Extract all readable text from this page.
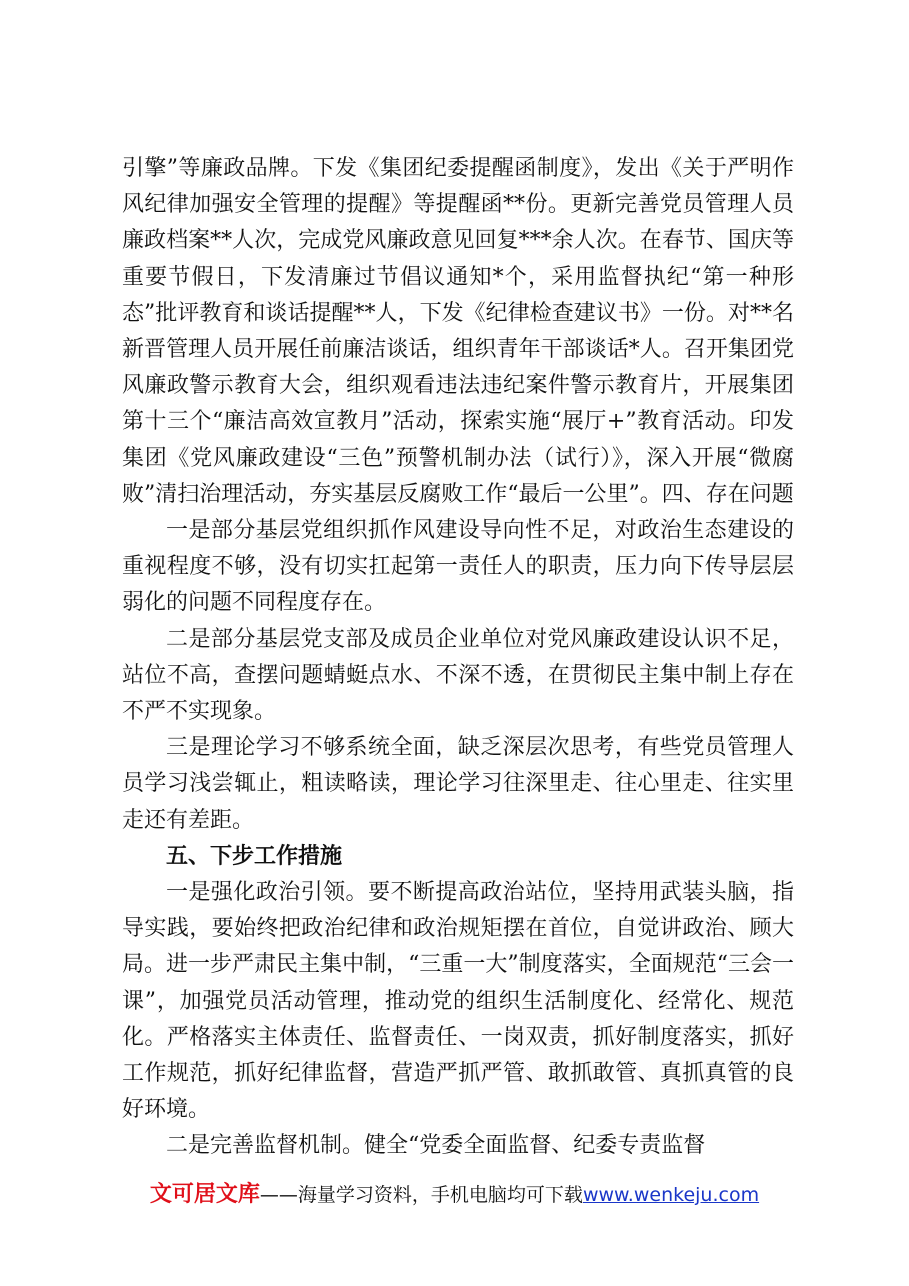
引擎”等廉政品牌。下发《集团纪委提醒函制度》，发出《关于严明作风纪律加强安全管理的提醒》等提醒函**份。更新完善党员管理人员廉政档案**人次，完成党风廉政意见回复***余人次。在春节、国庆等重要节假日，下发清廉过节倡议通知*个，采用监督执纪“第一种形态”批评教育和谈话提醒**人，下发《纪律检查建议书》一份。对**名新晋管理人员开展任前廉洁谈话，组织青年干部谈话*人。召开集团党风廉政警示教育大会，组织观看违法违纪案件警示教育片，开展集团第十三个“廉洁高效宣教月”活动，探索实施“展厅+”教育活动。印发集团《党风廉政建设“三色”预警机制办法（试行）》，深入开展“微腐败”清扫治理活动，夯实基层反腐败工作“最后一公里”。四、存在问题

一是部分基层党组织抓作风建设导向性不足，对政治生态建设的重视程度不够，没有切实扛起第一责任人的职责，压力向下传导层层弱化的问题不同程度存在。

二是部分基层党支部及成员企业单位对党风廉政建设认识不足，站位不高，查摆问题蜻蜓点水、不深不透，在贯彻民主集中制上存在不严不实现象。

三是理论学习不够系统全面，缺乏深层次思考，有些党员管理人员学习浅尝辄止，粗读略读，理论学习往深里走、往心里走、往实里走还有差距。

五、下步工作措施

一是强化政治引领。要不断提高政治站位，坚持用武装头脑，指导实践，要始终把政治纪律和政治规矩摆在首位，自觉讲政治、顾大局。进一步严肃民主集中制，“三重一大”制度落实，全面规范“三会一课”，加强党员活动管理，推动党的组织生活制度化、经常化、规范化。严格落实主体责任、监督责任、一岗双责，抓好制度落实，抓好工作规范，抓好纪律监督，营造严抓严管、敢抓敢管、真抓真管的良好环境。

二是完善监督机制。健全“党委全面监督、纪委专责监督

文可居文库——海量学习资料，手机电脑均可下载www.wenkeju.com
